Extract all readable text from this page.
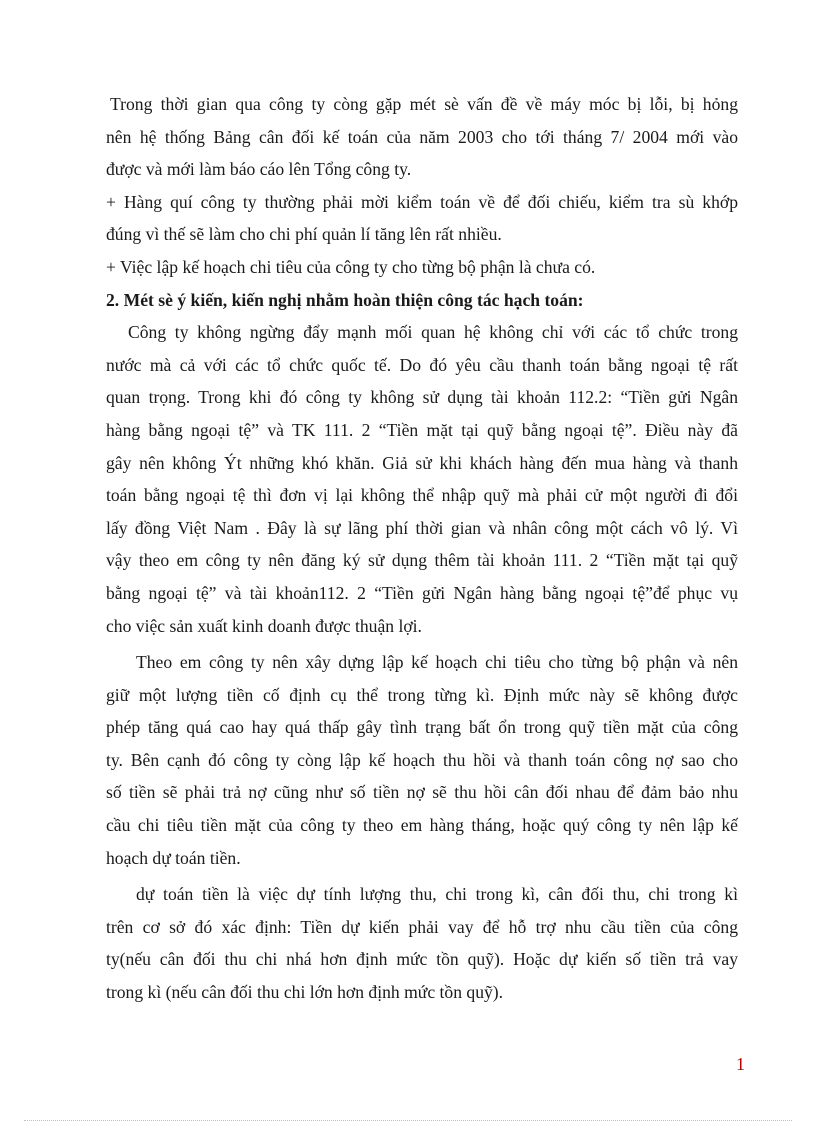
Trong thời gian qua công ty còng gặp mét sè vấn đề về máy móc bị lỗi, bị hỏng
nên hệ thống Bảng cân đối kế toán của năm 2003 cho tới tháng 7/ 2004 mới vào
được và mới làm báo cáo lên Tổng công ty.
+ Hàng quí công ty thường phải mời kiểm toán về để đối chiếu, kiểm tra sù khớp
đúng vì thế sẽ làm cho chi phí quản lí tăng lên rất nhiều.
+ Việc lập kế hoạch chi tiêu của công ty cho từng bộ phận là chưa có.
2. Mét sè ý kiến, kiến nghị nhằm hoàn thiện công tác hạch toán:
Công ty không ngừng đẩy mạnh mối quan hệ không chỉ với các tổ chức trong
nước mà cả với các tổ chức quốc tế. Do đó yêu cầu thanh toán bằng ngoại tệ rất
quan trọng. Trong khi đó công ty không sử dụng tài khoản 112.2: “Tiền gửi Ngân
hàng bằng ngoại tệ” và TK 111. 2 “Tiền mặt tại quỹ bằng ngoại tệ”. Điều này đã
gây nên không Ýt những khó khăn. Giả sử khi khách hàng đến mua hàng và thanh
toán bằng ngoại tệ thì đơn vị lại không thể nhập quỹ mà phải cử một người đi đổi
lấy đồng Việt Nam . Đây là sự lãng phí thời gian và nhân công một cách vô lý. Vì
vậy theo em công ty nên đăng ký sử dụng thêm tài khoản 111. 2 “Tiền mặt tại quỹ
bằng ngoại tệ” và tài khoản112. 2 “Tiền gửi Ngân hàng bằng ngoại tệ”để phục vụ
cho việc sản xuất kinh doanh được thuận lợi.
Theo em công ty nên xây dựng lập kế hoạch chi tiêu cho từng bộ phận và nên
giữ một lượng tiền cố định cụ thể trong từng kì. Định mức này sẽ không được
phép tăng quá cao hay quá thấp gây tình trạng bất ổn trong quỹ tiền mặt của công
ty. Bên cạnh đó công ty còng lập kế hoạch thu hồi và thanh toán công nợ sao cho
số tiền sẽ phải trả nợ cũng như số tiền nợ sẽ thu hồi cân đối nhau để đảm bảo nhu
cầu chi tiêu tiền mặt của công ty theo em hàng tháng, hoặc quý công ty nên lập kế
hoạch dự toán tiền.
dự toán tiền là việc dự tính lượng thu, chi trong kì, cân đối thu, chi trong kì
trên cơ sở đó xác định: Tiền dự kiến phải vay để hỗ trợ nhu cầu tiền của công
ty(nếu cân đối thu chi nhá hơn định mức tồn quỹ). Hoặc dự kiến số tiền trả vay
trong kì (nếu cân đối thu chi lớn hơn định mức tồn quỹ).
1
